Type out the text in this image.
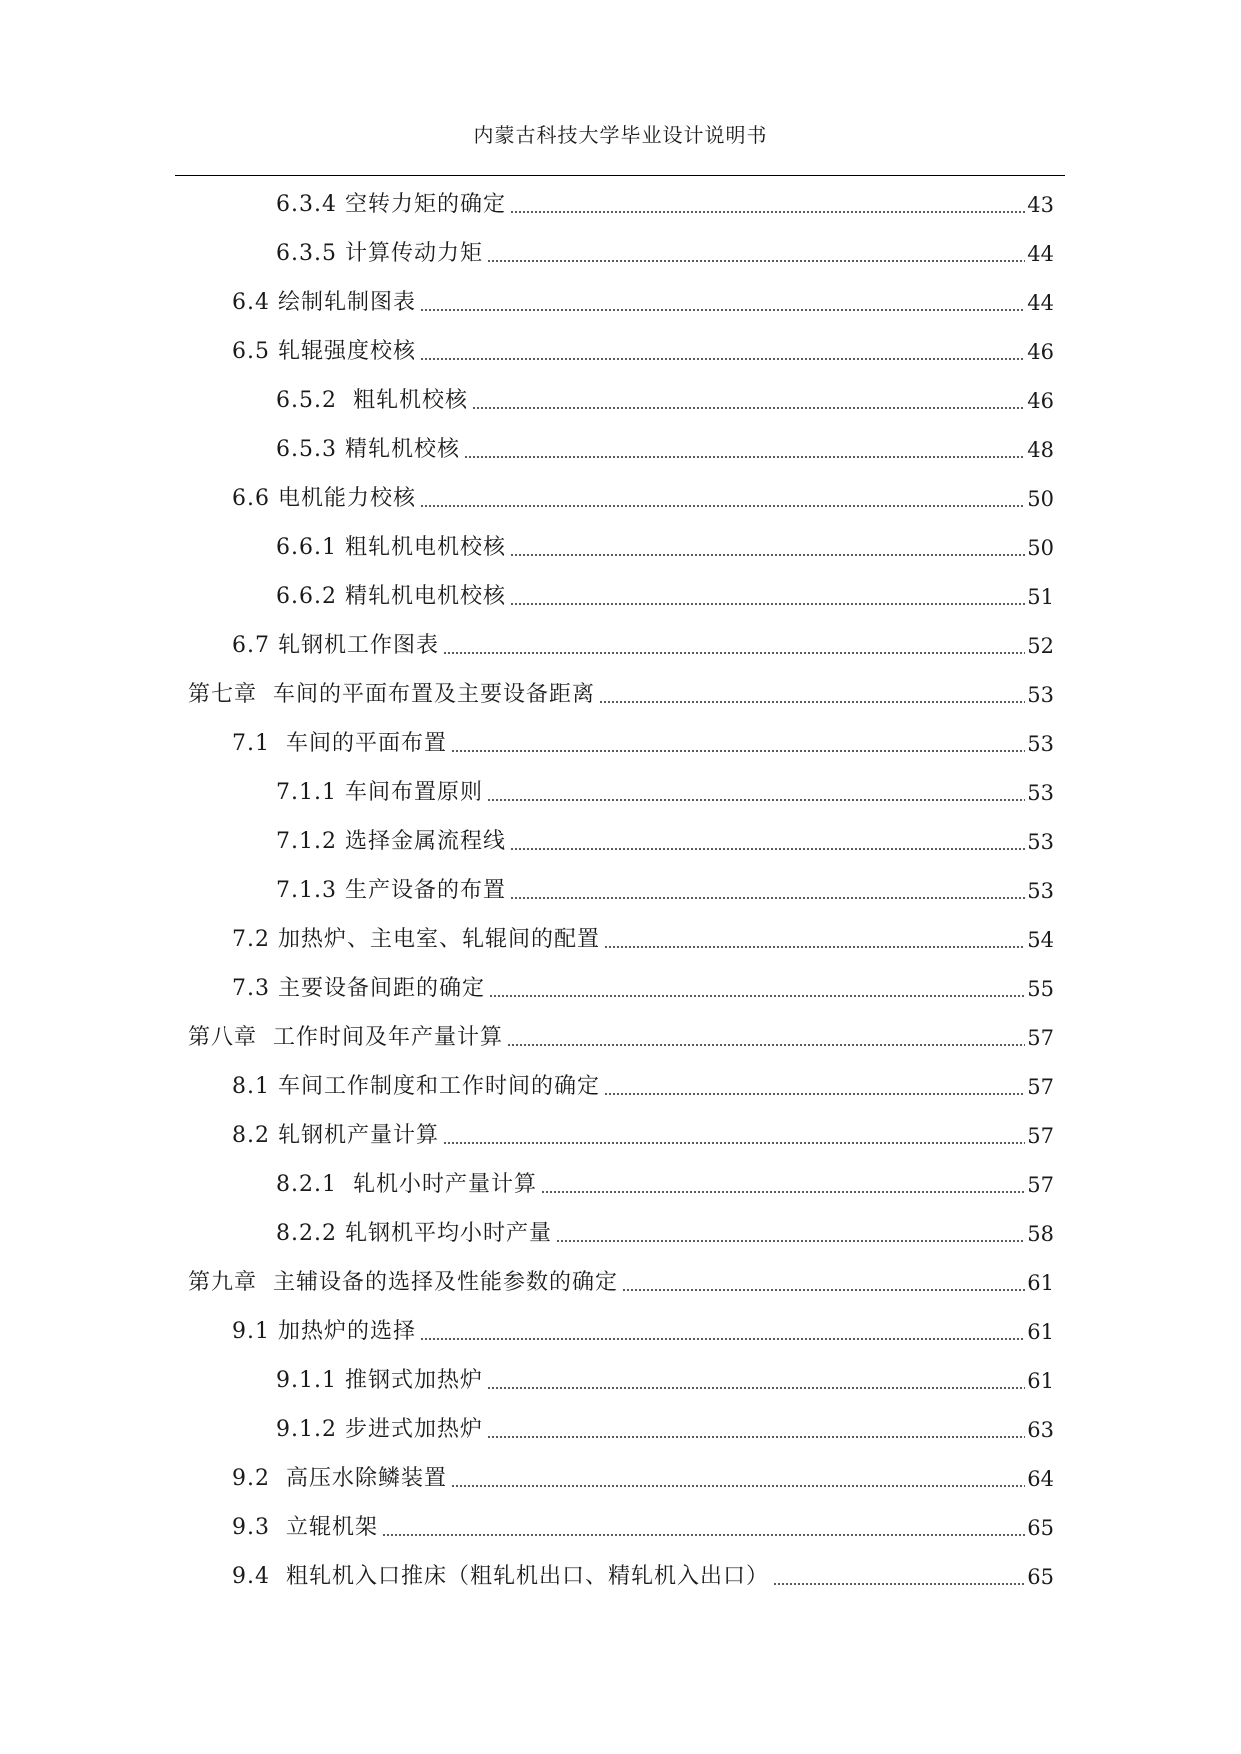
内蒙古科技大学毕业设计说明书
6.3.4 空转力矩的确定	43
6.3.5 计算传动力矩	44
6.4 绘制轧制图表	44
6.5 轧辊强度校核	46
6.5.2  粗轧机校核	46
6.5.3 精轧机校核	48
6.6 电机能力校核	50
6.6.1 粗轧机电机校核	50
6.6.2 精轧机电机校核	51
6.7 轧钢机工作图表	52
第七章  车间的平面布置及主要设备距离	53
7.1  车间的平面布置	53
7.1.1 车间布置原则	53
7.1.2 选择金属流程线	53
7.1.3 生产设备的布置	53
7.2 加热炉、主电室、轧辊间的配置	54
7.3 主要设备间距的确定	55
第八章  工作时间及年产量计算	57
8.1 车间工作制度和工作时间的确定	57
8.2 轧钢机产量计算	57
8.2.1  轧机小时产量计算	57
8.2.2 轧钢机平均小时产量	58
第九章  主辅设备的选择及性能参数的确定	61
9.1 加热炉的选择	61
9.1.1 推钢式加热炉	61
9.1.2 步进式加热炉	63
9.2  高压水除鳞装置	64
9.3  立辊机架	65
9.4  粗轧机入口推床（粗轧机出口、精轧机入出口）	65
